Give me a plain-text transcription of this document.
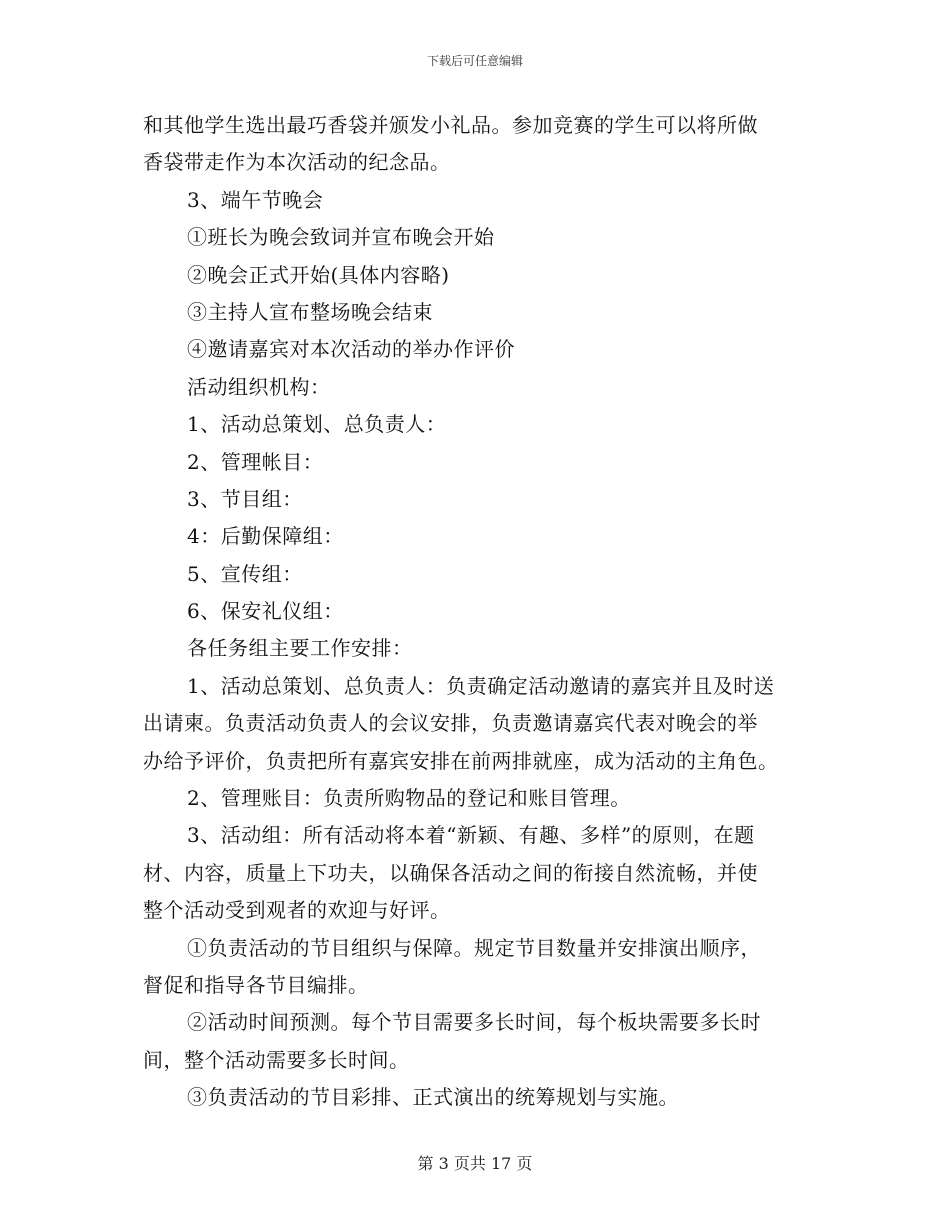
下载后可任意编辑
和其他学生选出最巧香袋并颁发小礼品。参加竞赛的学生可以将所做
香袋带走作为本次活动的纪念品。
3、端午节晚会
①班长为晚会致词并宣布晚会开始
②晚会正式开始(具体内容略)
③主持人宣布整场晚会结束
④邀请嘉宾对本次活动的举办作评价
活动组织机构：
1、活动总策划、总负责人：
2、管理帐目：
3、节目组：
4：后勤保障组：
5、宣传组：
6、保安礼仪组：
各任务组主要工作安排：
1、活动总策划、总负责人：负责确定活动邀请的嘉宾并且及时送
出请柬。负责活动负责人的会议安排，负责邀请嘉宾代表对晚会的举
办给予评价，负责把所有嘉宾安排在前两排就座，成为活动的主角色。
2、管理账目：负责所购物品的登记和账目管理。
3、活动组：所有活动将本着“新颖、有趣、多样”的原则，在题
材、内容，质量上下功夫，以确保各活动之间的衔接自然流畅，并使
整个活动受到观者的欢迎与好评。
①负责活动的节目组织与保障。规定节目数量并安排演出顺序，
督促和指导各节目编排。
②活动时间预测。每个节目需要多长时间，每个板块需要多长时
间，整个活动需要多长时间。
③负责活动的节目彩排、正式演出的统筹规划与实施。
第 3 页共 17 页
